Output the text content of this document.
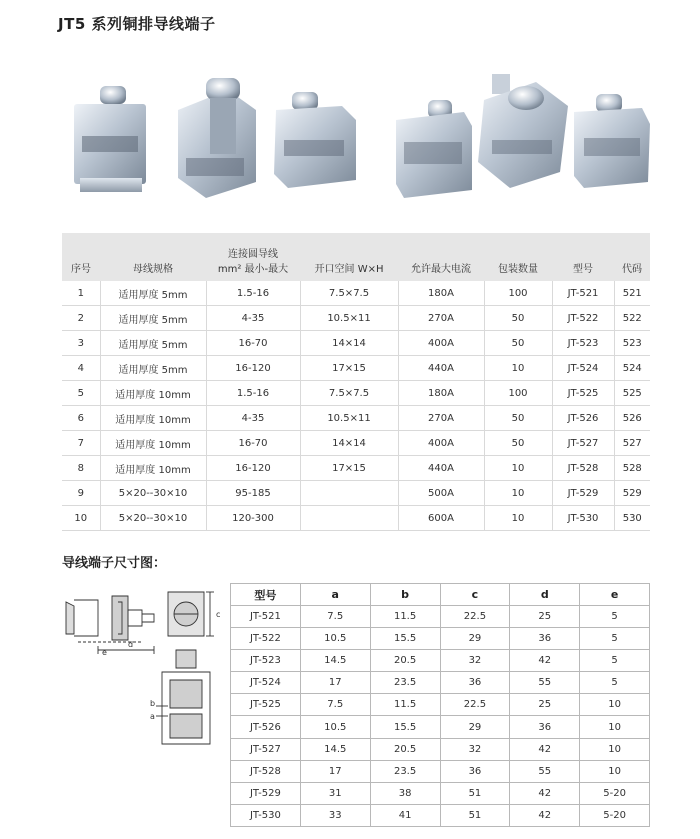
JT5 系列铜排导线端子
序号	母线规格	连接圆导线
mm² 最小-最大	开口空间 W×H	允许最大电流	包装数量	型号	代码
1	适用厚度 5mm	1.5-16	7.5×7.5	180A	100	JT-521	521
2	适用厚度 5mm	4-35	10.5×11	270A	50	JT-522	522
3	适用厚度 5mm	16-70	14×14	400A	50	JT-523	523
4	适用厚度 5mm	16-120	17×15	440A	10	JT-524	524
5	适用厚度 10mm	1.5-16	7.5×7.5	180A	100	JT-525	525
6	适用厚度 10mm	4-35	10.5×11	270A	50	JT-526	526
7	适用厚度 10mm	16-70	14×14	400A	50	JT-527	527
8	适用厚度 10mm	16-120	17×15	440A	10	JT-528	528
9	5×20--30×10	95-185		500A	10	JT-529	529
10	5×20--30×10	120-300		600A	10	JT-530	530
导线端子尺寸图：
e
d
c
b
a
型号	a	b	c	d	e
JT-521	7.5	11.5	22.5	25	5
JT-522	10.5	15.5	29	36	5
JT-523	14.5	20.5	32	42	5
JT-524	17	23.5	36	55	5
JT-525	7.5	11.5	22.5	25	10
JT-526	10.5	15.5	29	36	10
JT-527	14.5	20.5	32	42	10
JT-528	17	23.5	36	55	10
JT-529	31	38	51	42	5-20
JT-530	33	41	51	42	5-20
